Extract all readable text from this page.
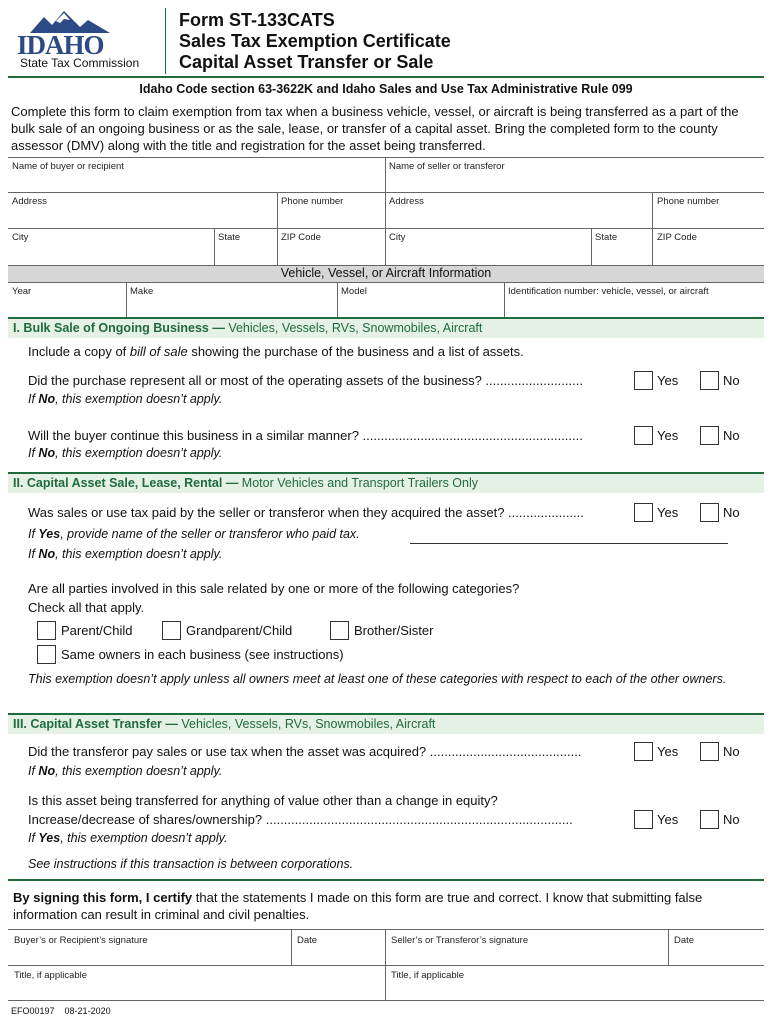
IDAHO
State Tax Commission
Form ST-133CATS
Sales Tax Exemption Certificate
Capital Asset Transfer or Sale
Idaho Code section 63-3622K and Idaho Sales and Use Tax Administrative Rule 099
Complete this form to claim exemption from tax when a business vehicle, vessel, or aircraft is being transferred as a part of the bulk sale of an ongoing business or as the sale, lease, or transfer of a capital asset. Bring the completed form to the county assessor (DMV) along with the title and registration for the asset being transferred.
Name of buyer or recipient	Name of seller or transferor
Address	Phone number	Address	Phone number
City	State	ZIP Code	City	State	ZIP Code
Vehicle, Vessel, or Aircraft Information
Year	Make	Model	Identification number: vehicle, vessel, or aircraft
I. Bulk Sale of Ongoing Business — Vehicles, Vessels, RVs, Snowmobiles, Aircraft
Include a copy of bill of sale showing the purchase of the business and a list of assets.
Did the purchase represent all or most of the operating assets of the business? ...........................	Yes	No
If No, this exemption doesn’t apply.
Will the buyer continue this business in a similar manner? .............................................................	Yes	No
If No, this exemption doesn’t apply.
II. Capital Asset Sale, Lease, Rental — Motor Vehicles and Transport Trailers Only
Was sales or use tax paid by the seller or transferor when they acquired the asset? .....................	Yes	No
If Yes, provide name of the seller or transferor who paid tax.
If No, this exemption doesn’t apply.
Are all parties involved in this sale related by one or more of the following categories?
Check all that apply.
Parent/Child	Grandparent/Child	Brother/Sister
Same owners in each business (see instructions)
This exemption doesn’t apply unless all owners meet at least one of these categories with respect to each of the other owners.
III. Capital Asset Transfer — Vehicles, Vessels, RVs, Snowmobiles, Aircraft
Did the transferor pay sales or use tax when the asset was acquired? ..........................................	Yes	No
If No, this exemption doesn’t apply.
Is this asset being transferred for anything of value other than a change in equity?
Increase/decrease of shares/ownership? .....................................................................................	Yes	No
If Yes, this exemption doesn’t apply.
See instructions if this transaction is between corporations.
By signing this form, I certify that the statements I made on this form are true and correct. I know that submitting false information can result in criminal and civil penalties.
Buyer’s or Recipient’s signature	Date	Seller’s or Transferor’s signature	Date
Title, if applicable	Title, if applicable
EFO00197 08-21-2020
